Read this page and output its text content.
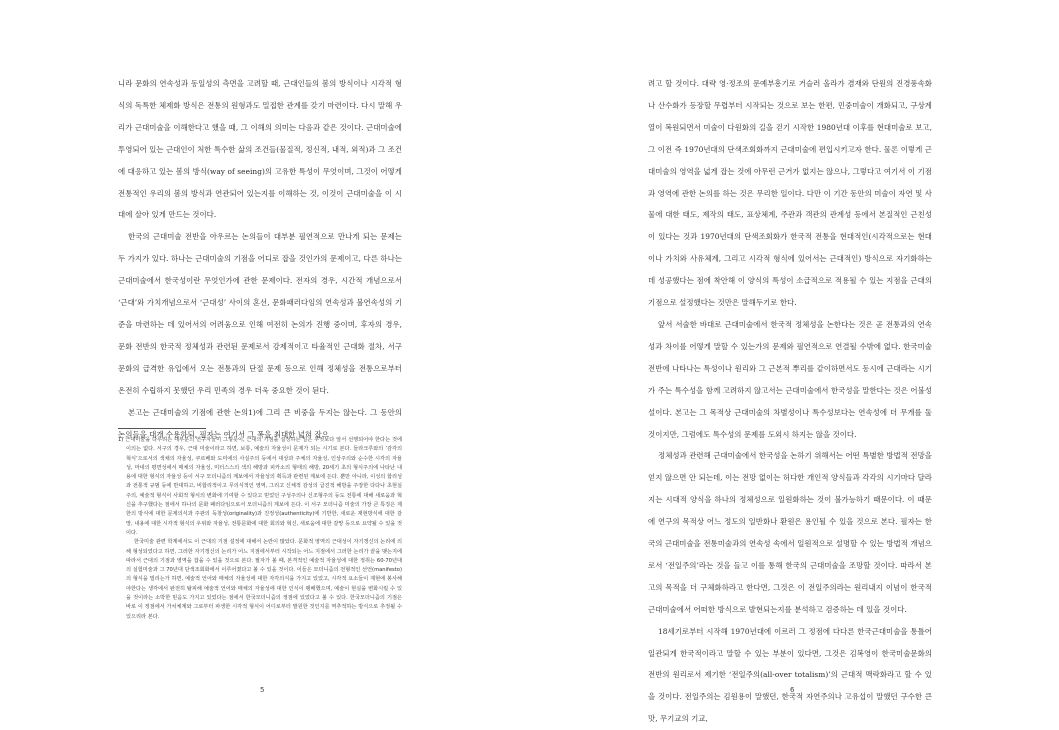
니라 문화의 연속성과 동일성의 측면을 고려할 때, 근대인들의 봄의 방식이나 시각적 형식의 독특한 체제화 방식은 전통의 원형과도 밀접한 관계를 갖기 마련이다. 다시 말해 우리가 근대미술을 이해한다고 했을 때, 그 이해의 의미는 다음과 같은 것이다. 근대미술에 투영되어 있는 근대인이 처한 특수한 삶의 조건들(물질적, 정신적, 내적, 외적)과 그 조건에 대응하고 있는 봄의 방식(way of seeing)의 고유한 특성이 무엇이며, 그것이 어떻게 전통적인 우리의 봄의 방식과 연관되어 있는지를 이해하는 것, 이것이 근대미술을 이 시대에 살아 있게 만드는 것이다.

한국의 근대미술 전반을 아우르는 논의들이 대부분 필연적으로 만나게 되는 문제는 두 가지가 있다. 하나는 근대미술의 기점을 어디로 잡을 것인가의 문제이고, 다른 하나는 근대미술에서 한국성이란 무엇인가에 관한 문제이다. 전자의 경우, 시간적 개념으로서 ‘근대’와 가치개념으로서 ‘근대성’ 사이의 혼선, 문화패러다임의 연속성과 불연속성의 기준을 마련하는 데 있어서의 어려움으로 인해 여전히 논의가 진행 중이며, 후자의 경우, 문화 전반의 한국적 정체성과 관련된 문제로서 강제적이고 타율적인 근대화 절차, 서구 문화의 급격한 유입에서 오는 전통과의 단절 문제 등으로 인해 정체성을 전통으로부터 온전히 수립하지 못했던 우리 민족의 경우 더욱 중요한 것이 된다.

본고는 근대미술의 기점에 관한 논의1)에 그리 큰 비중을 두지는 않는다. 그 동안의 논의들을 대개 수용하되, 필자는 여기서 그 폭을 최대한 넓혀 잡으

1) 근대미술을 다루려는 대부분의 연구자들이 그렇듯이, 근대의 기점을 설정하는 일은 무엇보다 앞서 선행되어야 한다는 것에 이의는 없다. 서구의 경우, 근대 미술이라고 하면, 보통, 예술의 자율성이 문제가 되는 시기로 본다. 들라크루와의 ‘감각의 혁식’으로서의 색채의 자율성, 쿠르베와 도미에의 사실주의 등에서 대상과 주체의 자율성, 인상주의와 순수한 시각의 자율성, 마네의 평면성에서 매체의 자율성, 미터스스의 색의 해방과 피카소의 형태의 해방, 20세기 초의 형식주의에 나타난 내용에 대한 형식의 자율성 등이 서구 모더니즘의 계보에서 자율성의 획득과 관련된 계보에 든다. 뿐만 아니라, 이성의 합리성과 전통적 규범 등에 반대하고, 비합리적이고 무의식적인 영역, 그리고 신체적 감성의 급진적 해방을 주장한 다다나 초현실주의, 예술적 형식이 사회적 형식의 변화에 기여할 수 있다고 믿었던 구성주의나 신조형주의 등도 전통에 대해 새로움과 혁신을 추구했다는 점에서 하나의 문화 패러다임으로서 모더니즘의 계보에 든다. 이 서구 모더니즘 미술의 가장 큰 특징은 제한의 방식에 대한 문제의식과 주관의 독창성(originality)과 진정성(authenticity)에 기반한, 새로운 재현방식에 대한 갈망, 내용에 대한 시각적 형식의 우위와 자율성, 전통문화에 대한 회의와 혁신, 새로움에 대한 갈망 등으로 요약될 수 있을 것이다.

한국미술 관련 학계에서도 이 근대의 기점 설정에 대해서 논란이 많았다. 문화적 영역의 근대성이 자기갱신의 논리에 의해 형성되었다고 하면, 그러한 자기갱신의 논리가 어느 지점에서부터 시작되는 어느 지점에서 그러한 논리가 끝을 맺는지에 따라서 근대의 기점과 영역을 잡을 수 있을 것으로 본다. 필자가 볼 때, 본격적인 예술적 자율성에 대한 정취는 60-70년대의 실험미술과 그 70년대 단색조회화에서 이루어졌다고 볼 수 있을 것이다. 이들은 모더니즘의 전형적인 선언(manifesto)의 형식을 빌리는가 하면, 예술적 언어와 매체의 자율성에 대한 자각의식을 가지고 있었고, 시각적 요소들이 재현에 봉사해야한다는 생각에서 완전히 탈피해 예술적 언어와 매체의 자율성에 대한 인식이 팽배했으며, 예술이 현실을 변화시킬 수 있을 것이라는 소박한 믿음도 가지고 있었다는 점에서 한국모더니즘의 정점에 있었다고 볼 수 있다. 한국모더니즘의 기점은 바로 이 정점에서 가치체계와 그로부터 파생한 시각적 형식이 어디로부터 발원한 것인지를 역추적하는 방식으로 추정될 수 있으리라 본다.

5

려고 할 것이다. 대략 영·정조의 문예부흥기로 거슬러 올라가 겸재와 단원의 진경풍속화나 산수화가 등장할 무렵부터 시작되는 것으로 보는 한편, 민중미술이 개화되고, 구상계열이 복원되면서 미술이 다원화의 길을 걷기 시작한 1980년대 이후를 현대미술로 보고, 그 이전 즉 1970년대의 단색조회화까지 근대미술에 편입시키고자 한다. 물론 이렇게 근대미술의 영역을 넓게 잡는 것에 아무런 근거가 없지는 않으나, 그렇다고 여기서 이 기점과 영역에 관한 논의를 하는 것은 무리한 일이다. 다만 이 기간 동안의 미술이 자연 및 사물에 대한 태도, 제작의 태도, 표상체계, 주관과 객관의 관계성 등에서 본질적인 근친성이 있다는 것과 1970년대의 단색조회화가 한국적 전통을 현대적인(시각적으로는 현대이나 가치와 사유체계, 그리고 시각적 형식에 있어서는 근대적인) 방식으로 자기화하는 데 성공했다는 점에 착안해 이 양식의 특성이 소급적으로 적용될 수 있는 지점을 근대의 기점으로 설정했다는 것만은 말해두기로 한다.

앞서 서술한 바대로 근대미술에서 한국적 정체성을 논한다는 것은 곧 전통과의 연속성과 차이를 어떻게 말할 수 있는가의 문제와 필연적으로 연결될 수밖에 없다. 한국미술 전반에 나타나는 특성이나 원리와 그 근본적 뿌리를 같이하면서도 동시에 근대라는 시기가 주는 특수성을 함께 고려하지 않고서는 근대미술에서 한국성을 말한다는 것은 어불성설이다. 본고는 그 목적상 근대미술의 차별성이나 특수성보다는 연속성에 더 무게를 둘 것이지만, 그럼에도 특수성의 문제를 도외시 하지는 않을 것이다.

정체성과 관련해 근대미술에서 한국성을 논하기 위해서는 어떤 특별한 방법적 전망을 얻지 않으면 안 되는데, 이는 전망 없이는 허다한 개인적 양식들과 각각의 시기마다 달라지는 시대적 양식을 하나의 정체성으로 일원화하는 것이 불가능하기 때문이다. 이 때문에 연구의 목적상 어느 정도의 일반화나 환원은 용인될 수 있을 것으로 본다. 필자는 한국의 근대미술을 전통미술과의 연속성 속에서 일원적으로 설명할 수 있는 방법적 개념으로서 ‘전일주의’라는 것을 들고 이를 통해 한국의 근대미술을 조망할 것이다. 따라서 본고의 목적을 더 구체화하라고 한다면, 그것은 이 전일주의라는 원리내지 이념이 한국적 근대미술에서 어떠한 방식으로 발현되는지를 분석하고 검증하는 데 있을 것이다.

18세기로부터 시작해 1970년대에 이르러 그 정점에 다다른 한국근대미술을 통틀어 일관되게 한국적이라고 말할 수 있는 부분이 있다면, 그것은 김복영이 한국미술문화의 전반의 원리로서 제기한 ‘전일주의(all-over totalism)’의 근대적 맥락화라고 할 수 있을 것이다. 전일주의는 김원용이 말했던, 한국적 자연주의나 고유섭이 말했던 구수한 큰 맛, 무기교의 기교,

6
